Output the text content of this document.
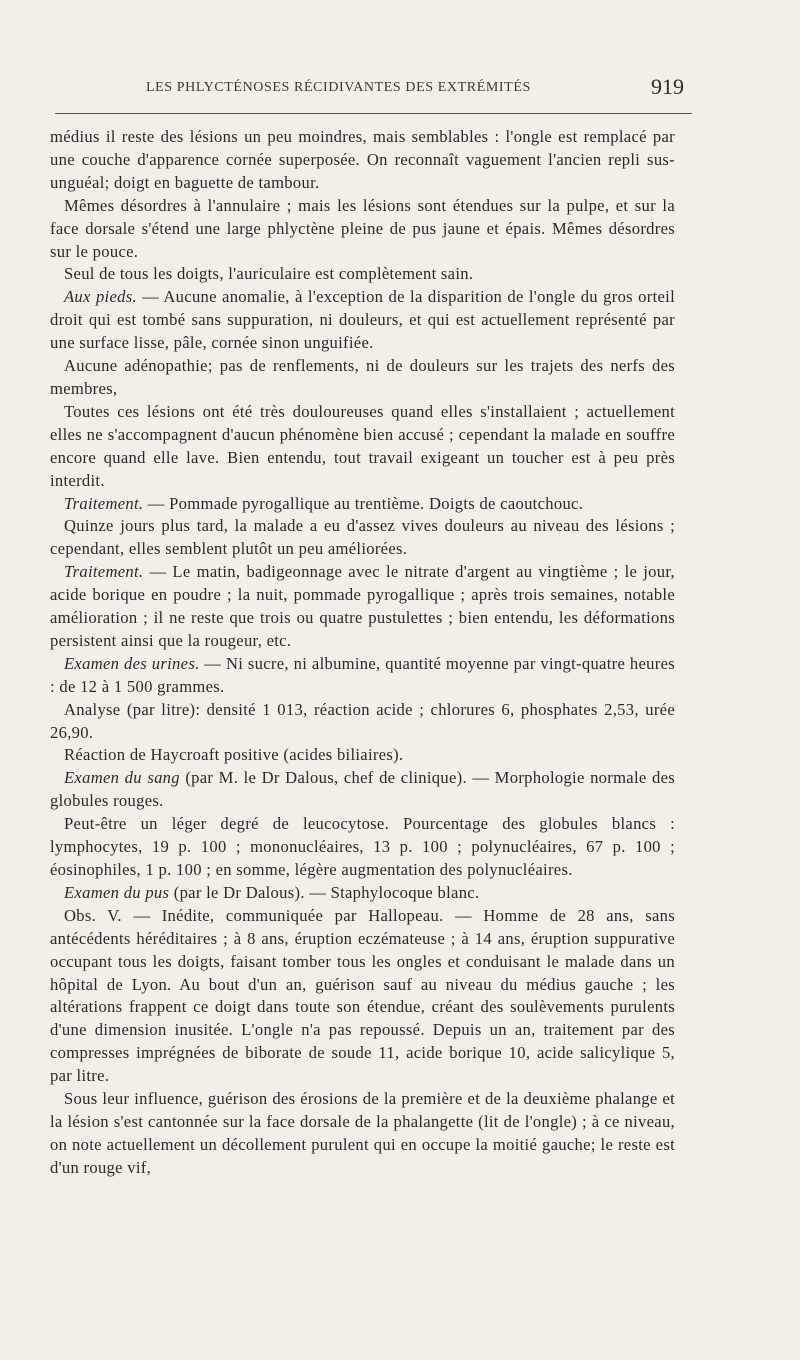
LES PHLYCTÉNOSES RÉCIDIVANTES DES EXTRÉMITÉS	919

médius il reste des lésions un peu moindres, mais semblables : l'ongle est remplacé par une couche d'apparence cornée superposée. On reconnaît vaguement l'ancien repli sus-unguéal; doigt en baguette de tambour.

Mêmes désordres à l'annulaire ; mais les lésions sont étendues sur la pulpe, et sur la face dorsale s'étend une large phlyctène pleine de pus jaune et épais. Mêmes désordres sur le pouce.

Seul de tous les doigts, l'auriculaire est complètement sain.

Aux pieds. — Aucune anomalie, à l'exception de la disparition de l'ongle du gros orteil droit qui est tombé sans suppuration, ni douleurs, et qui est actuellement représenté par une surface lisse, pâle, cornée sinon unguifiée.

Aucune adénopathie; pas de renflements, ni de douleurs sur les trajets des nerfs des membres,

Toutes ces lésions ont été très douloureuses quand elles s'installaient ; actuellement elles ne s'accompagnent d'aucun phénomène bien accusé ; cependant la malade en souffre encore quand elle lave. Bien entendu, tout travail exigeant un toucher est à peu près interdit.

Traitement. — Pommade pyrogallique au trentième. Doigts de caoutchouc.

Quinze jours plus tard, la malade a eu d'assez vives douleurs au niveau des lésions ; cependant, elles semblent plutôt un peu améliorées.

Traitement. — Le matin, badigeonnage avec le nitrate d'argent au vingtième ; le jour, acide borique en poudre ; la nuit, pommade pyrogallique ; après trois semaines, notable amélioration ; il ne reste que trois ou quatre pustulettes ; bien entendu, les déformations persistent ainsi que la rougeur, etc.

Examen des urines. — Ni sucre, ni albumine, quantité moyenne par vingt-quatre heures : de 12 à 1 500 grammes.

Analyse (par litre): densité 1 013, réaction acide ; chlorures 6, phosphates 2,53, urée 26,90.

Réaction de Haycroaft positive (acides biliaires).

Examen du sang (par M. le Dr Dalous, chef de clinique). — Morphologie normale des globules rouges.

Peut-être un léger degré de leucocytose. Pourcentage des globules blancs : lymphocytes, 19 p. 100 ; mononucléaires, 13 p. 100 ; polynucléaires, 67 p. 100 ; éosinophiles, 1 p. 100 ; en somme, légère augmentation des polynucléaires.

Examen du pus (par le Dr Dalous). — Staphylocoque blanc.

Obs. V. — Inédite, communiquée par Hallopeau. — Homme de 28 ans, sans antécédents héréditaires ; à 8 ans, éruption eczémateuse ; à 14 ans, éruption suppurative occupant tous les doigts, faisant tomber tous les ongles et conduisant le malade dans un hôpital de Lyon. Au bout d'un an, guérison sauf au niveau du médius gauche ; les altérations frappent ce doigt dans toute son étendue, créant des soulèvements purulents d'une dimension inusitée. L'ongle n'a pas repoussé. Depuis un an, traitement par des compresses imprégnées de biborate de soude 11, acide borique 10, acide salicylique 5, par litre.

Sous leur influence, guérison des érosions de la première et de la deuxième phalange et la lésion s'est cantonnée sur la face dorsale de la phalangette (lit de l'ongle) ; à ce niveau, on note actuellement un décollement purulent qui en occupe la moitié gauche; le reste est d'un rouge vif,
